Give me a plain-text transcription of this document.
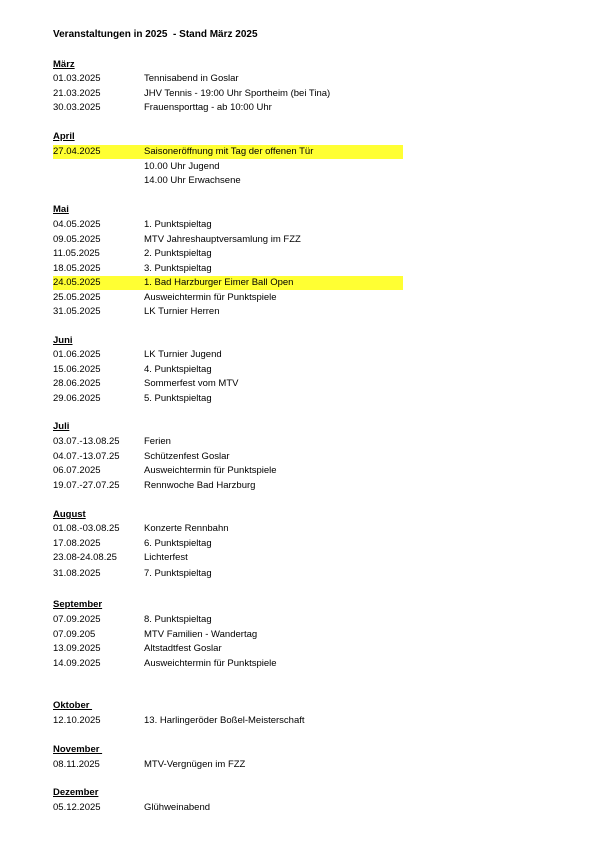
Veranstaltungen in 2025  - Stand März 2025
März
01.03.2025	Tennisabend in Goslar
21.03.2025	JHV Tennis - 19:00 Uhr Sportheim (bei Tina)
30.03.2025	Frauensporttag - ab 10:00 Uhr
April
27.04.2025	Saisoneröffnung mit Tag der offenen Tür
10.00 Uhr Jugend
14.00 Uhr Erwachsene
Mai
04.05.2025	1. Punktspieltag
09.05.2025	MTV Jahreshauptversamlung im FZZ
11.05.2025	2. Punktspieltag
18.05.2025	3. Punktspieltag
24.05.2025	1. Bad Harzburger Eimer Ball Open
25.05.2025	Ausweichtermin für Punktspiele
31.05.2025	LK Turnier Herren
Juni
01.06.2025	LK Turnier Jugend
15.06.2025	4. Punktspieltag
28.06.2025	Sommerfest vom MTV
29.06.2025	5. Punktspieltag
Juli
03.07.-13.08.25	Ferien
04.07.-13.07.25	Schützenfest Goslar
06.07.2025	Ausweichtermin für Punktspiele
19.07.-27.07.25	Rennwoche Bad Harzburg
August
01.08.-03.08.25	Konzerte Rennbahn
17.08.2025	6. Punktspieltag
23.08-24.08.25	Lichterfest
31.08.2025	7. Punktspieltag
September
07.09.2025	8. Punktspieltag
07.09.205	MTV Familien - Wandertag
13.09.2025	Altstadtfest Goslar
14.09.2025	Ausweichtermin für Punktspiele
Oktober
12.10.2025	13. Harlingeröder Boßel-Meisterschaft
November
08.11.2025	MTV-Vergnügen im FZZ
Dezember
05.12.2025	Glühweinabend
